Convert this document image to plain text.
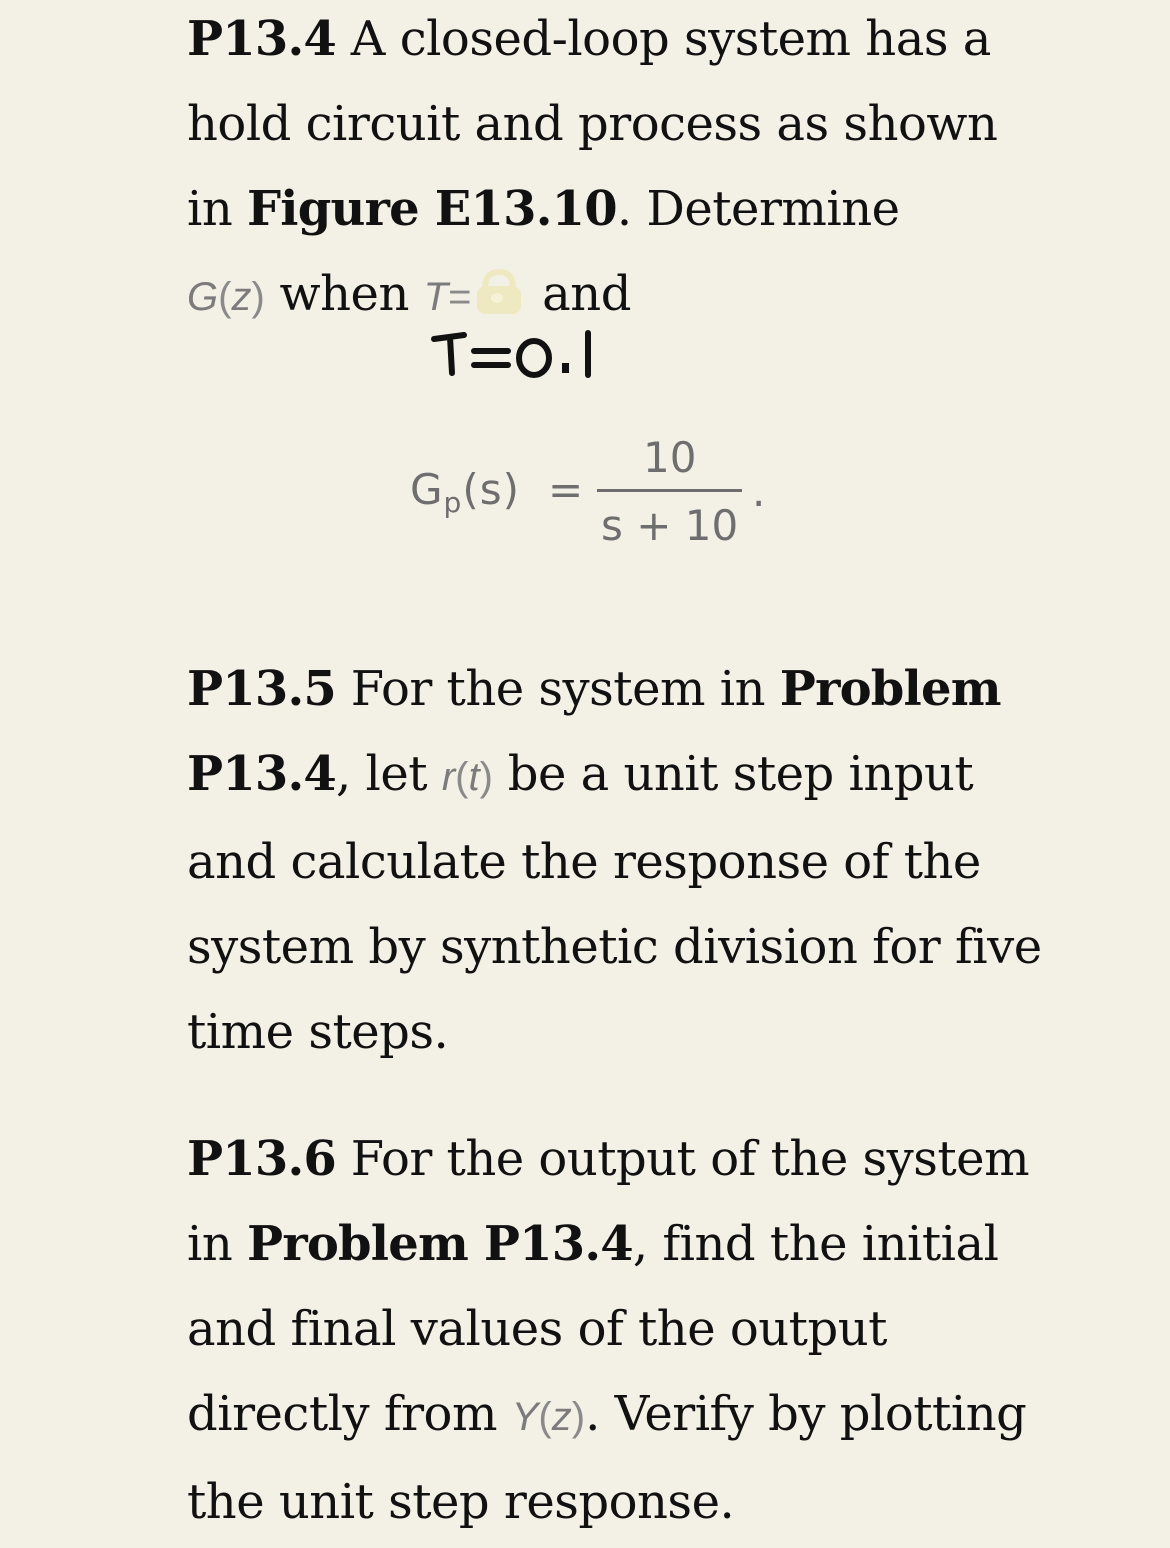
P13.4 A closed-loop system has a hold circuit and process as shown in Figure E13.10. Determine
G(z) when T= and
$G_p(s)$ =
10
s + 10
.
P13.5 For the system in Problem P13.4, let r(t) be a unit step input and calculate the response of the system by synthetic division for five time steps.
P13.6 For the output of the system in Problem P13.4, find the initial and final values of the output directly from Y(z). Verify by plotting the unit step response.
